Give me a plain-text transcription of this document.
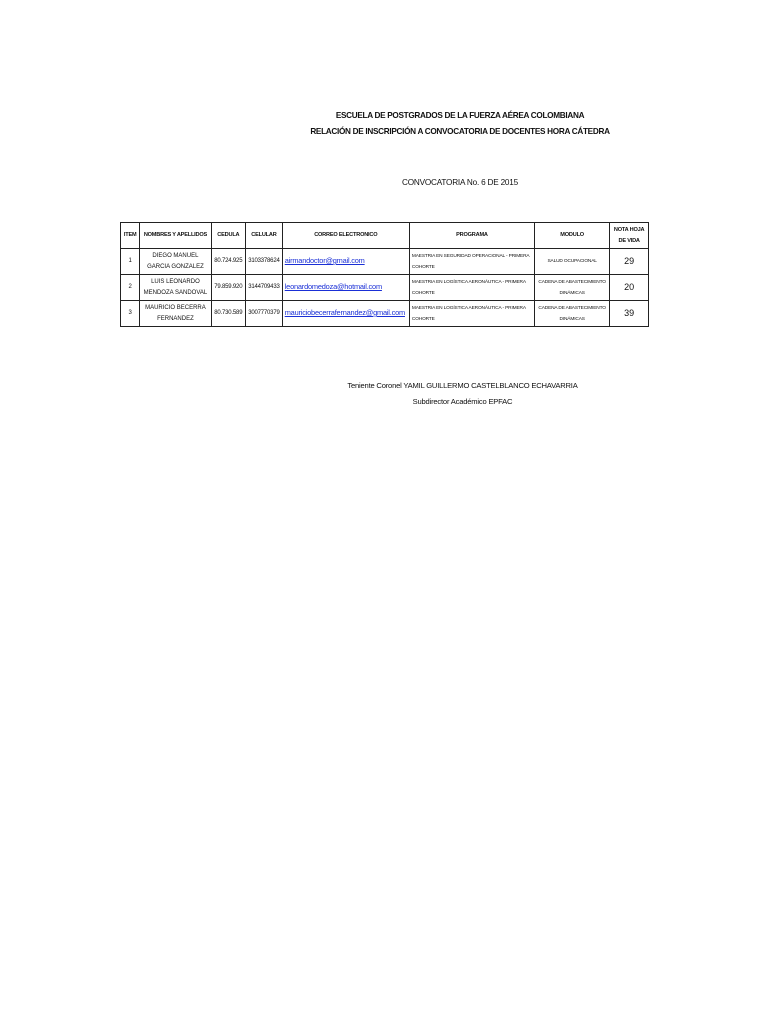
ESCUELA DE POSTGRADOS DE LA FUERZA AÉREA COLOMBIANA
RELACIÓN DE INSCRIPCIÓN A CONVOCATORIA DE DOCENTES HORA CÁTEDRA
CONVOCATORIA No. 6 DE 2015
ITEM	NOMBRES Y APELLIDOS	CEDULA	CELULAR	CORREO ELECTRONICO	PROGRAMA	MODULO	NOTA HOJA DE VIDA
1	DIEGO MANUEL GARCIA GONZALEZ	80.724.925	3103378624	airmandoctor@gmail.com	MAESTRIA EN SEGURIDAD OPERACIONAL - PRIMERA COHORTE	SALUD OCUPACIONAL	29
2	LUIS LEONARDO MENDOZA SANDOVAL	79.859.920	3144709433	leonardomedoza@hotmail.com	MAESTRIA EN LOGÍSTICA AERONÁUTICA - PRIMERA COHORTE	CADENA DE ABASTECIMIENTO DINÁMICAS	20
3	MAURICIO BECERRA FERNANDEZ	80.730.589	3007770379	mauriciobecerrafernandez@gmail.com	MAESTRIA EN LOGÍSTICA AERONÁUTICA - PRIMERA COHORTE	CADENA DE ABASTECIMIENTO DINÁMICAS	39
Teniente Coronel YAMIL GUILLERMO CASTELBLANCO ECHAVARRIA
Subdirector Académico EPFAC
